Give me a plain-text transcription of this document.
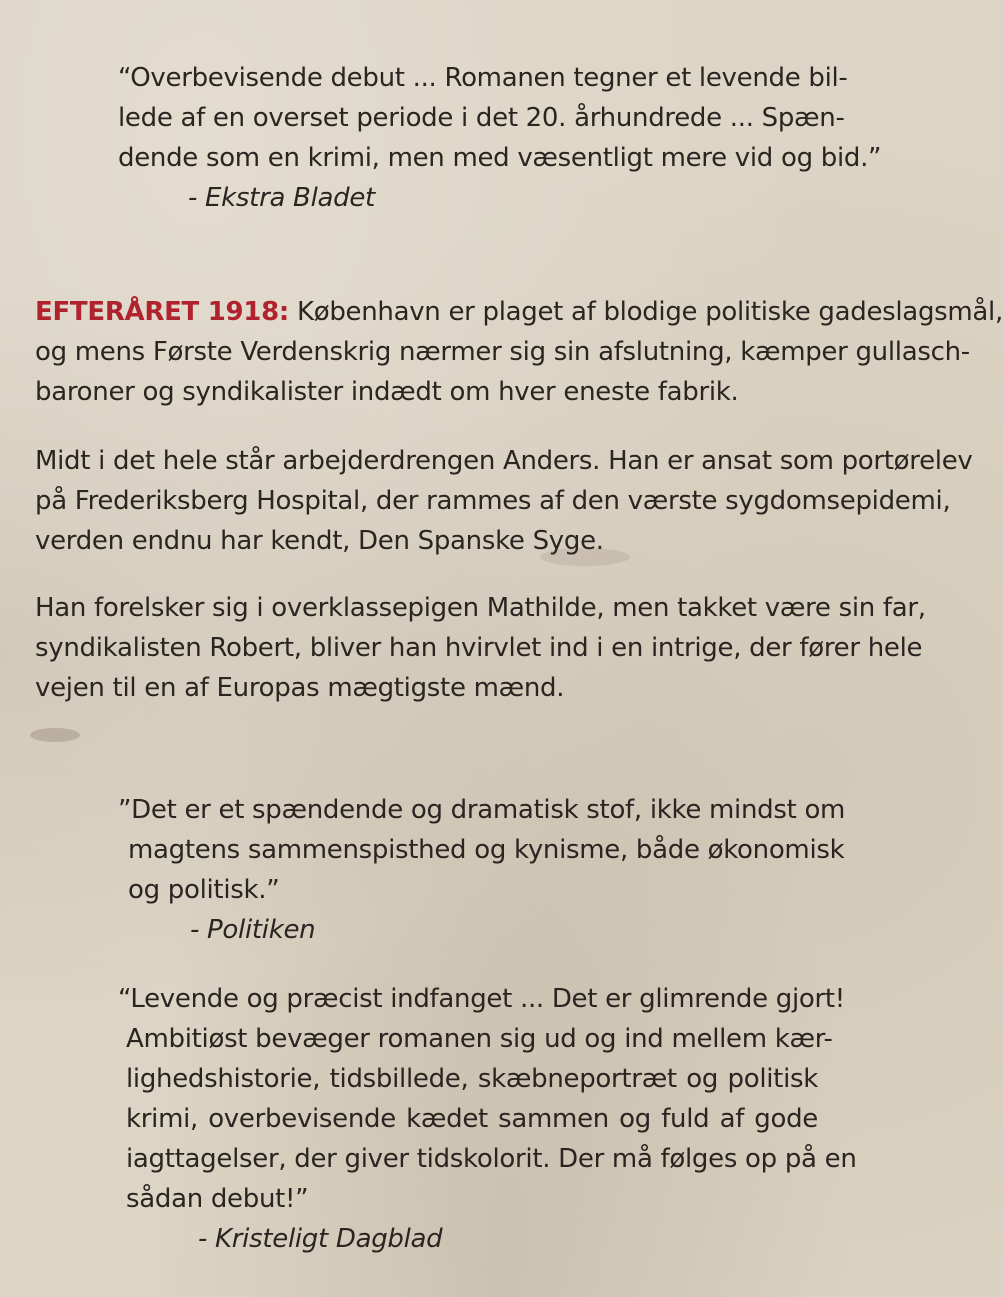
“Overbevisende debut ... Romanen tegner et levende bil-
lede af en overset periode i det 20. århundrede ... Spæn-
dende som en krimi, men med væsentligt mere vid og bid.”
- Ekstra Bladet
EFTERÅRET 1918: København er plaget af blodige politiske gadeslagsmål,
og mens Første Verdenskrig nærmer sig sin afslutning, kæmper gullasch-
baroner og syndikalister indædt om hver eneste fabrik.
Midt i det hele står arbejderdrengen Anders. Han er ansat som portørelev
på Frederiksberg Hospital, der rammes af den værste sygdomsepidemi,
verden endnu har kendt, Den Spanske Syge.
Han forelsker sig i overklassepigen Mathilde, men takket være sin far,
syndikalisten Robert, bliver han hvirvlet ind i en intrige, der fører hele
vejen til en af Europas mægtigste mænd.
”Det er et spændende og dramatisk stof, ikke mindst om
magtens sammenspisthed og kynisme, både økonomisk
og politisk.”
- Politiken
“Levende og præcist indfanget ... Det er glimrende gjort!
Ambitiøst bevæger romanen sig ud og ind mellem kær-
lighedshistorie, tidsbillede, skæbneportræt og politisk
krimi, overbevisende kædet sammen og fuld af gode
iagttagelser, der giver tidskolorit. Der må følges op på en
sådan debut!”
- Kristeligt Dagblad
